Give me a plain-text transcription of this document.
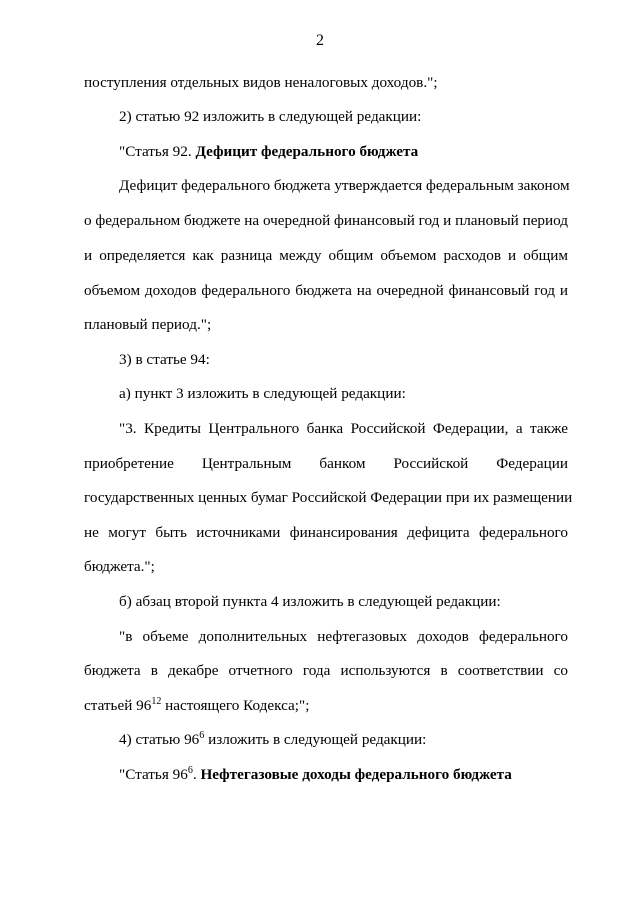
2
поступления отдельных видов неналоговых доходов.";
2) статью 92 изложить в следующей редакции:
"Статья 92. Дефицит федерального бюджета
Дефицит федерального бюджета утверждается федеральным законом
о федеральном бюджете на очередной финансовый год и плановый период
и определяется как разница между общим объемом расходов и общим
объемом доходов федерального бюджета на очередной финансовый год и
плановый период.";
3) в статье 94:
а) пункт 3 изложить в следующей редакции:
"3. Кредиты Центрального банка Российской Федерации, а также
приобретение Центральным банком Российской Федерации
государственных ценных бумаг Российской Федерации при их размещении
не могут быть источниками финансирования дефицита федерального
бюджета.";
б) абзац второй пункта 4 изложить в следующей редакции:
"в объеме дополнительных нефтегазовых доходов федерального
бюджета в декабре отчетного года используются в соответствии со
статьей $96^{12}$ настоящего Кодекса;";
4) статью $96^6$ изложить в следующей редакции:
"Статья $96^6$. Нефтегазовые доходы федерального бюджета
